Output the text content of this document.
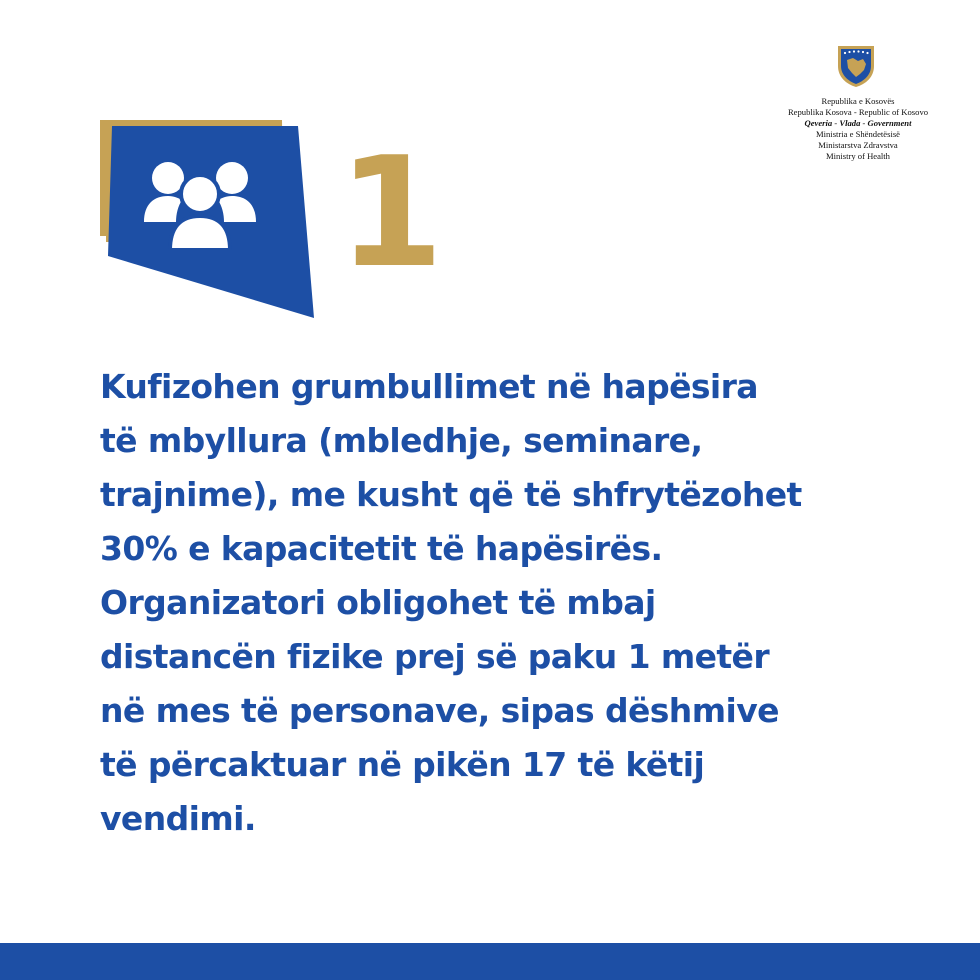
Republika e Kosovës
Republika Kosova - Republic of Kosovo
Qeveria - Vlada - Government
Ministria e Shëndetësisë
Ministarstva Zdravstva
Ministry of Health
1

Kufizohen grumbullimet në hapësira
të mbyllura (mbledhje, seminare,
trajnime), me kusht që të shfrytëzohet
30% e kapacitetit të hapësirës.
Organizatori obligohet të mbaj
distancën fizike prej së paku 1 metër
në mes të personave, sipas dëshmive
të përcaktuar në pikën 17 të këtij
vendimi.
